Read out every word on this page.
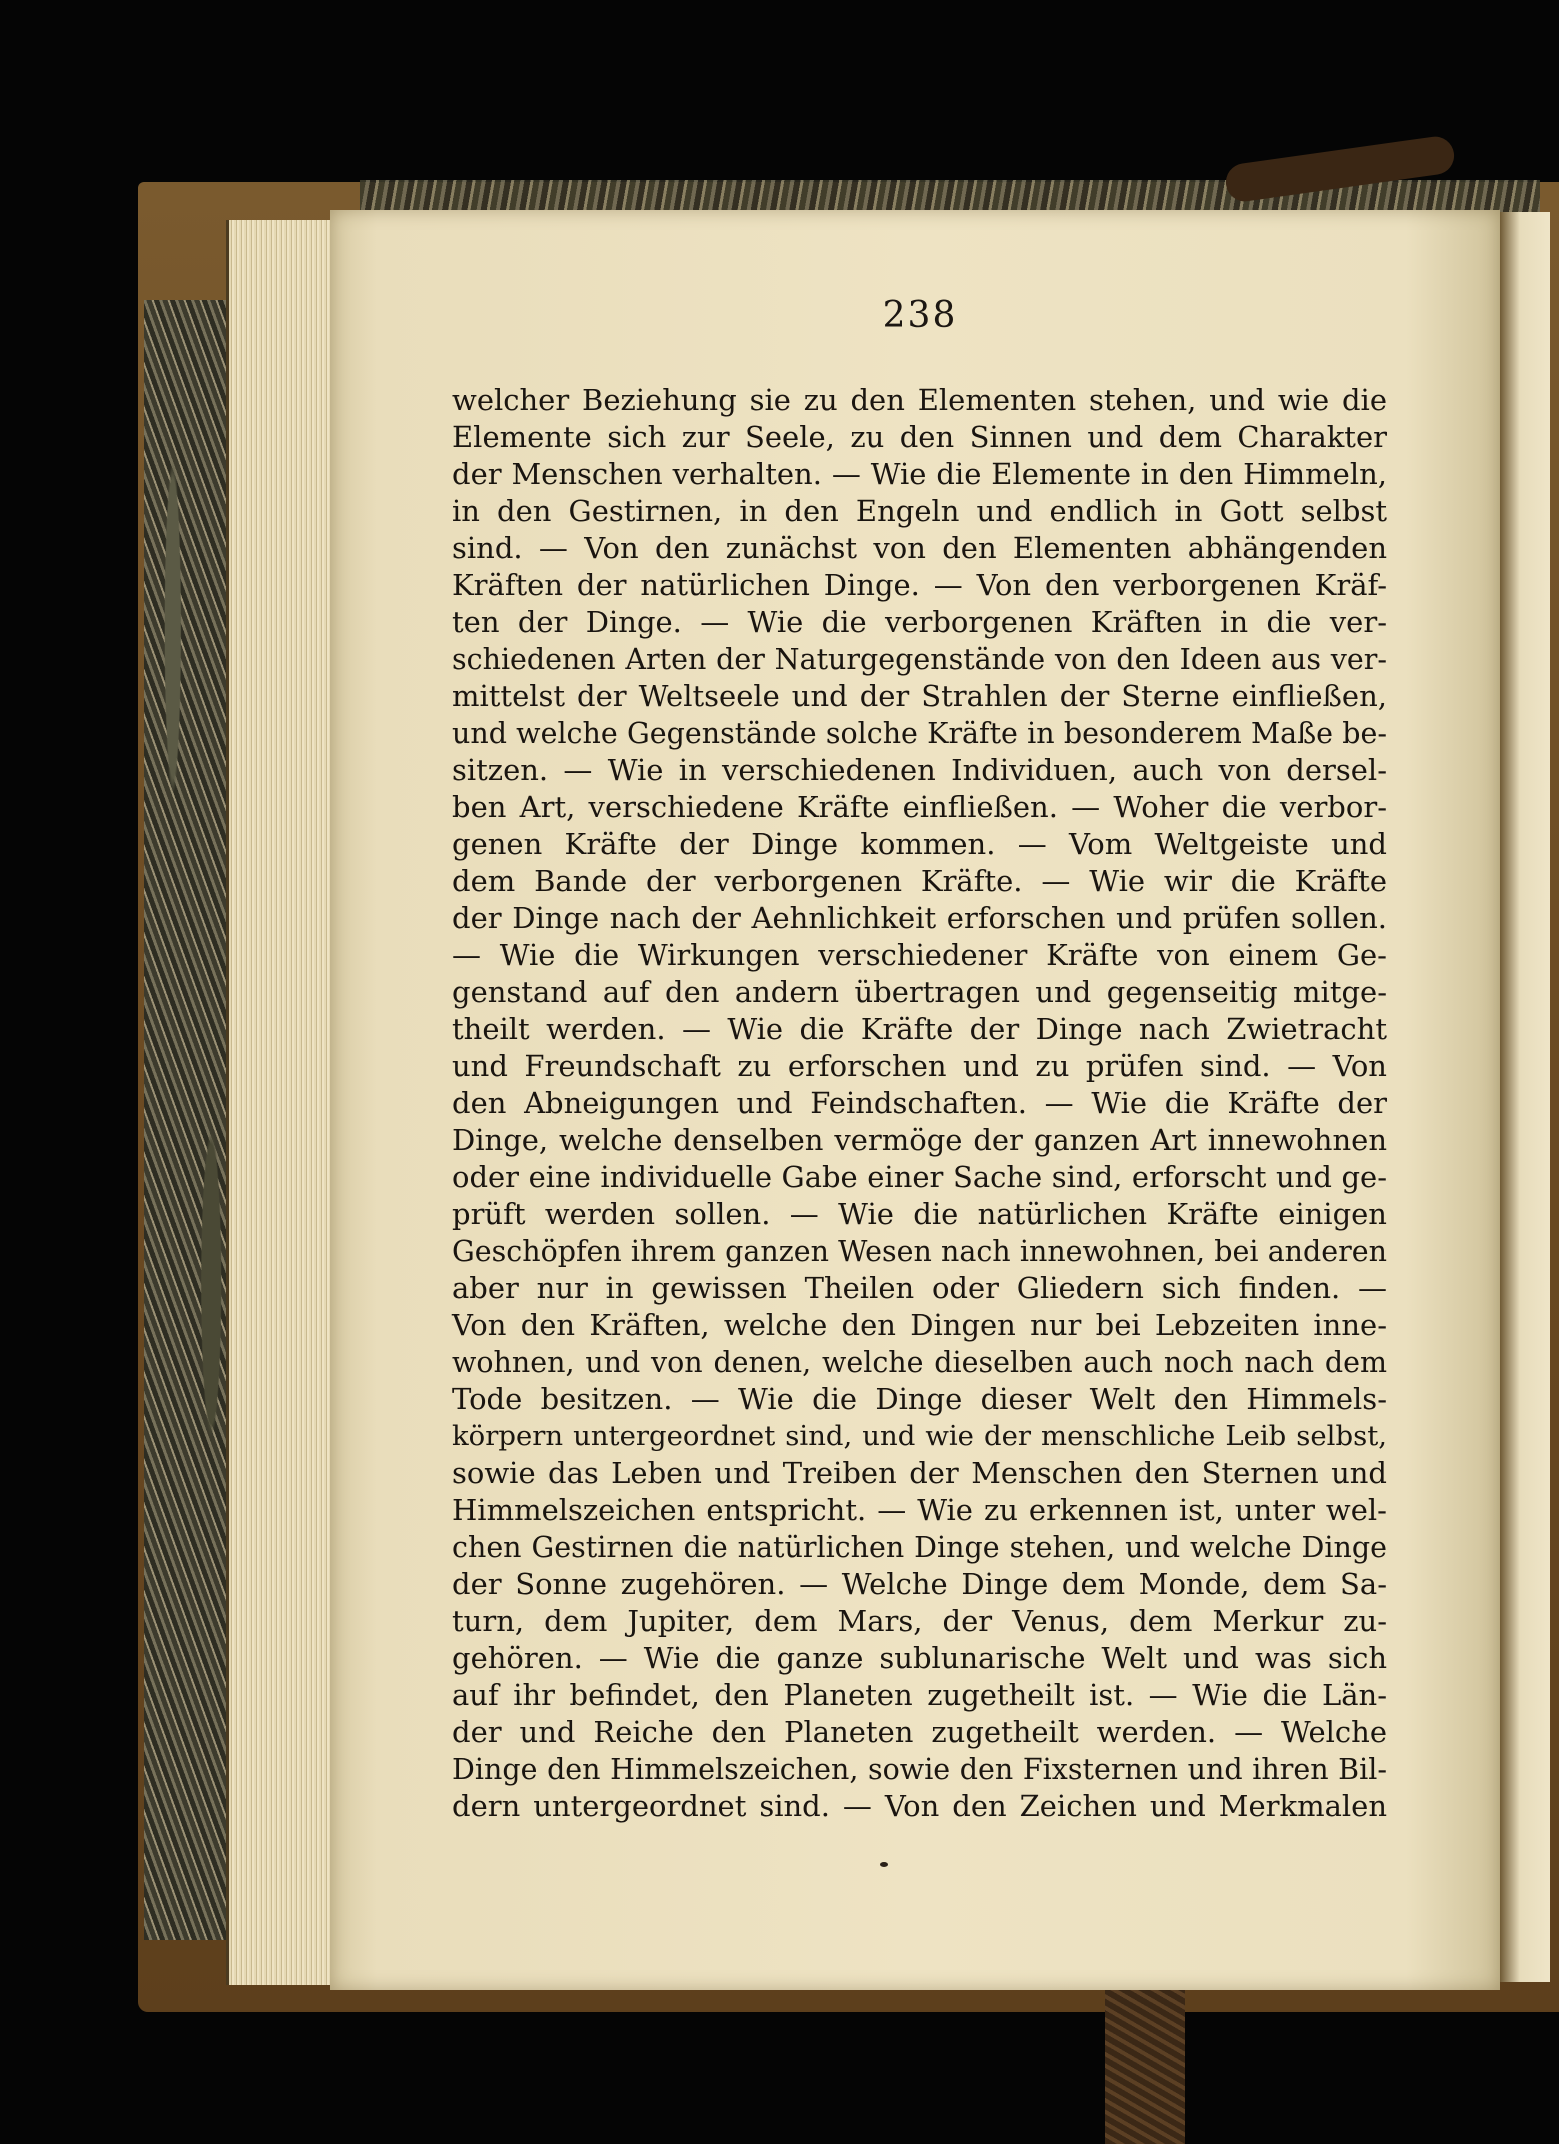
238
welcher Beziehung sie zu den Elementen stehen, und wie die
Elemente sich zur Seele, zu den Sinnen und dem Charakter
der Menschen verhalten. — Wie die Elemente in den Himmeln,
in den Gestirnen, in den Engeln und endlich in Gott selbst
sind. — Von den zunächst von den Elementen abhängenden
Kräften der natürlichen Dinge. — Von den verborgenen Kräf-
ten der Dinge. — Wie die verborgenen Kräften in die ver-
schiedenen Arten der Naturgegenstände von den Ideen aus ver-
mittelst der Weltseele und der Strahlen der Sterne einfließen,
und welche Gegenstände solche Kräfte in besonderem Maße be-
sitzen. — Wie in verschiedenen Individuen, auch von dersel-
ben Art, verschiedene Kräfte einfließen. — Woher die verbor-
genen Kräfte der Dinge kommen. — Vom Weltgeiste und
dem Bande der verborgenen Kräfte. — Wie wir die Kräfte
der Dinge nach der Aehnlichkeit erforschen und prüfen sollen.
— Wie die Wirkungen verschiedener Kräfte von einem Ge-
genstand auf den andern übertragen und gegenseitig mitge-
theilt werden. — Wie die Kräfte der Dinge nach Zwietracht
und Freundschaft zu erforschen und zu prüfen sind. — Von
den Abneigungen und Feindschaften. — Wie die Kräfte der
Dinge, welche denselben vermöge der ganzen Art innewohnen
oder eine individuelle Gabe einer Sache sind, erforscht und ge-
prüft werden sollen. — Wie die natürlichen Kräfte einigen
Geschöpfen ihrem ganzen Wesen nach innewohnen, bei anderen
aber nur in gewissen Theilen oder Gliedern sich finden. —
Von den Kräften, welche den Dingen nur bei Lebzeiten inne-
wohnen, und von denen, welche dieselben auch noch nach dem
Tode besitzen. — Wie die Dinge dieser Welt den Himmels-
körpern untergeordnet sind, und wie der menschliche Leib selbst,
sowie das Leben und Treiben der Menschen den Sternen und
Himmelszeichen entspricht. — Wie zu erkennen ist, unter wel-
chen Gestirnen die natürlichen Dinge stehen, und welche Dinge
der Sonne zugehören. — Welche Dinge dem Monde, dem Sa-
turn, dem Jupiter, dem Mars, der Venus, dem Merkur zu-
gehören. — Wie die ganze sublunarische Welt und was sich
auf ihr befindet, den Planeten zugetheilt ist. — Wie die Län-
der und Reiche den Planeten zugetheilt werden. — Welche
Dinge den Himmelszeichen, sowie den Fixsternen und ihren Bil-
dern untergeordnet sind. — Von den Zeichen und Merkmalen
